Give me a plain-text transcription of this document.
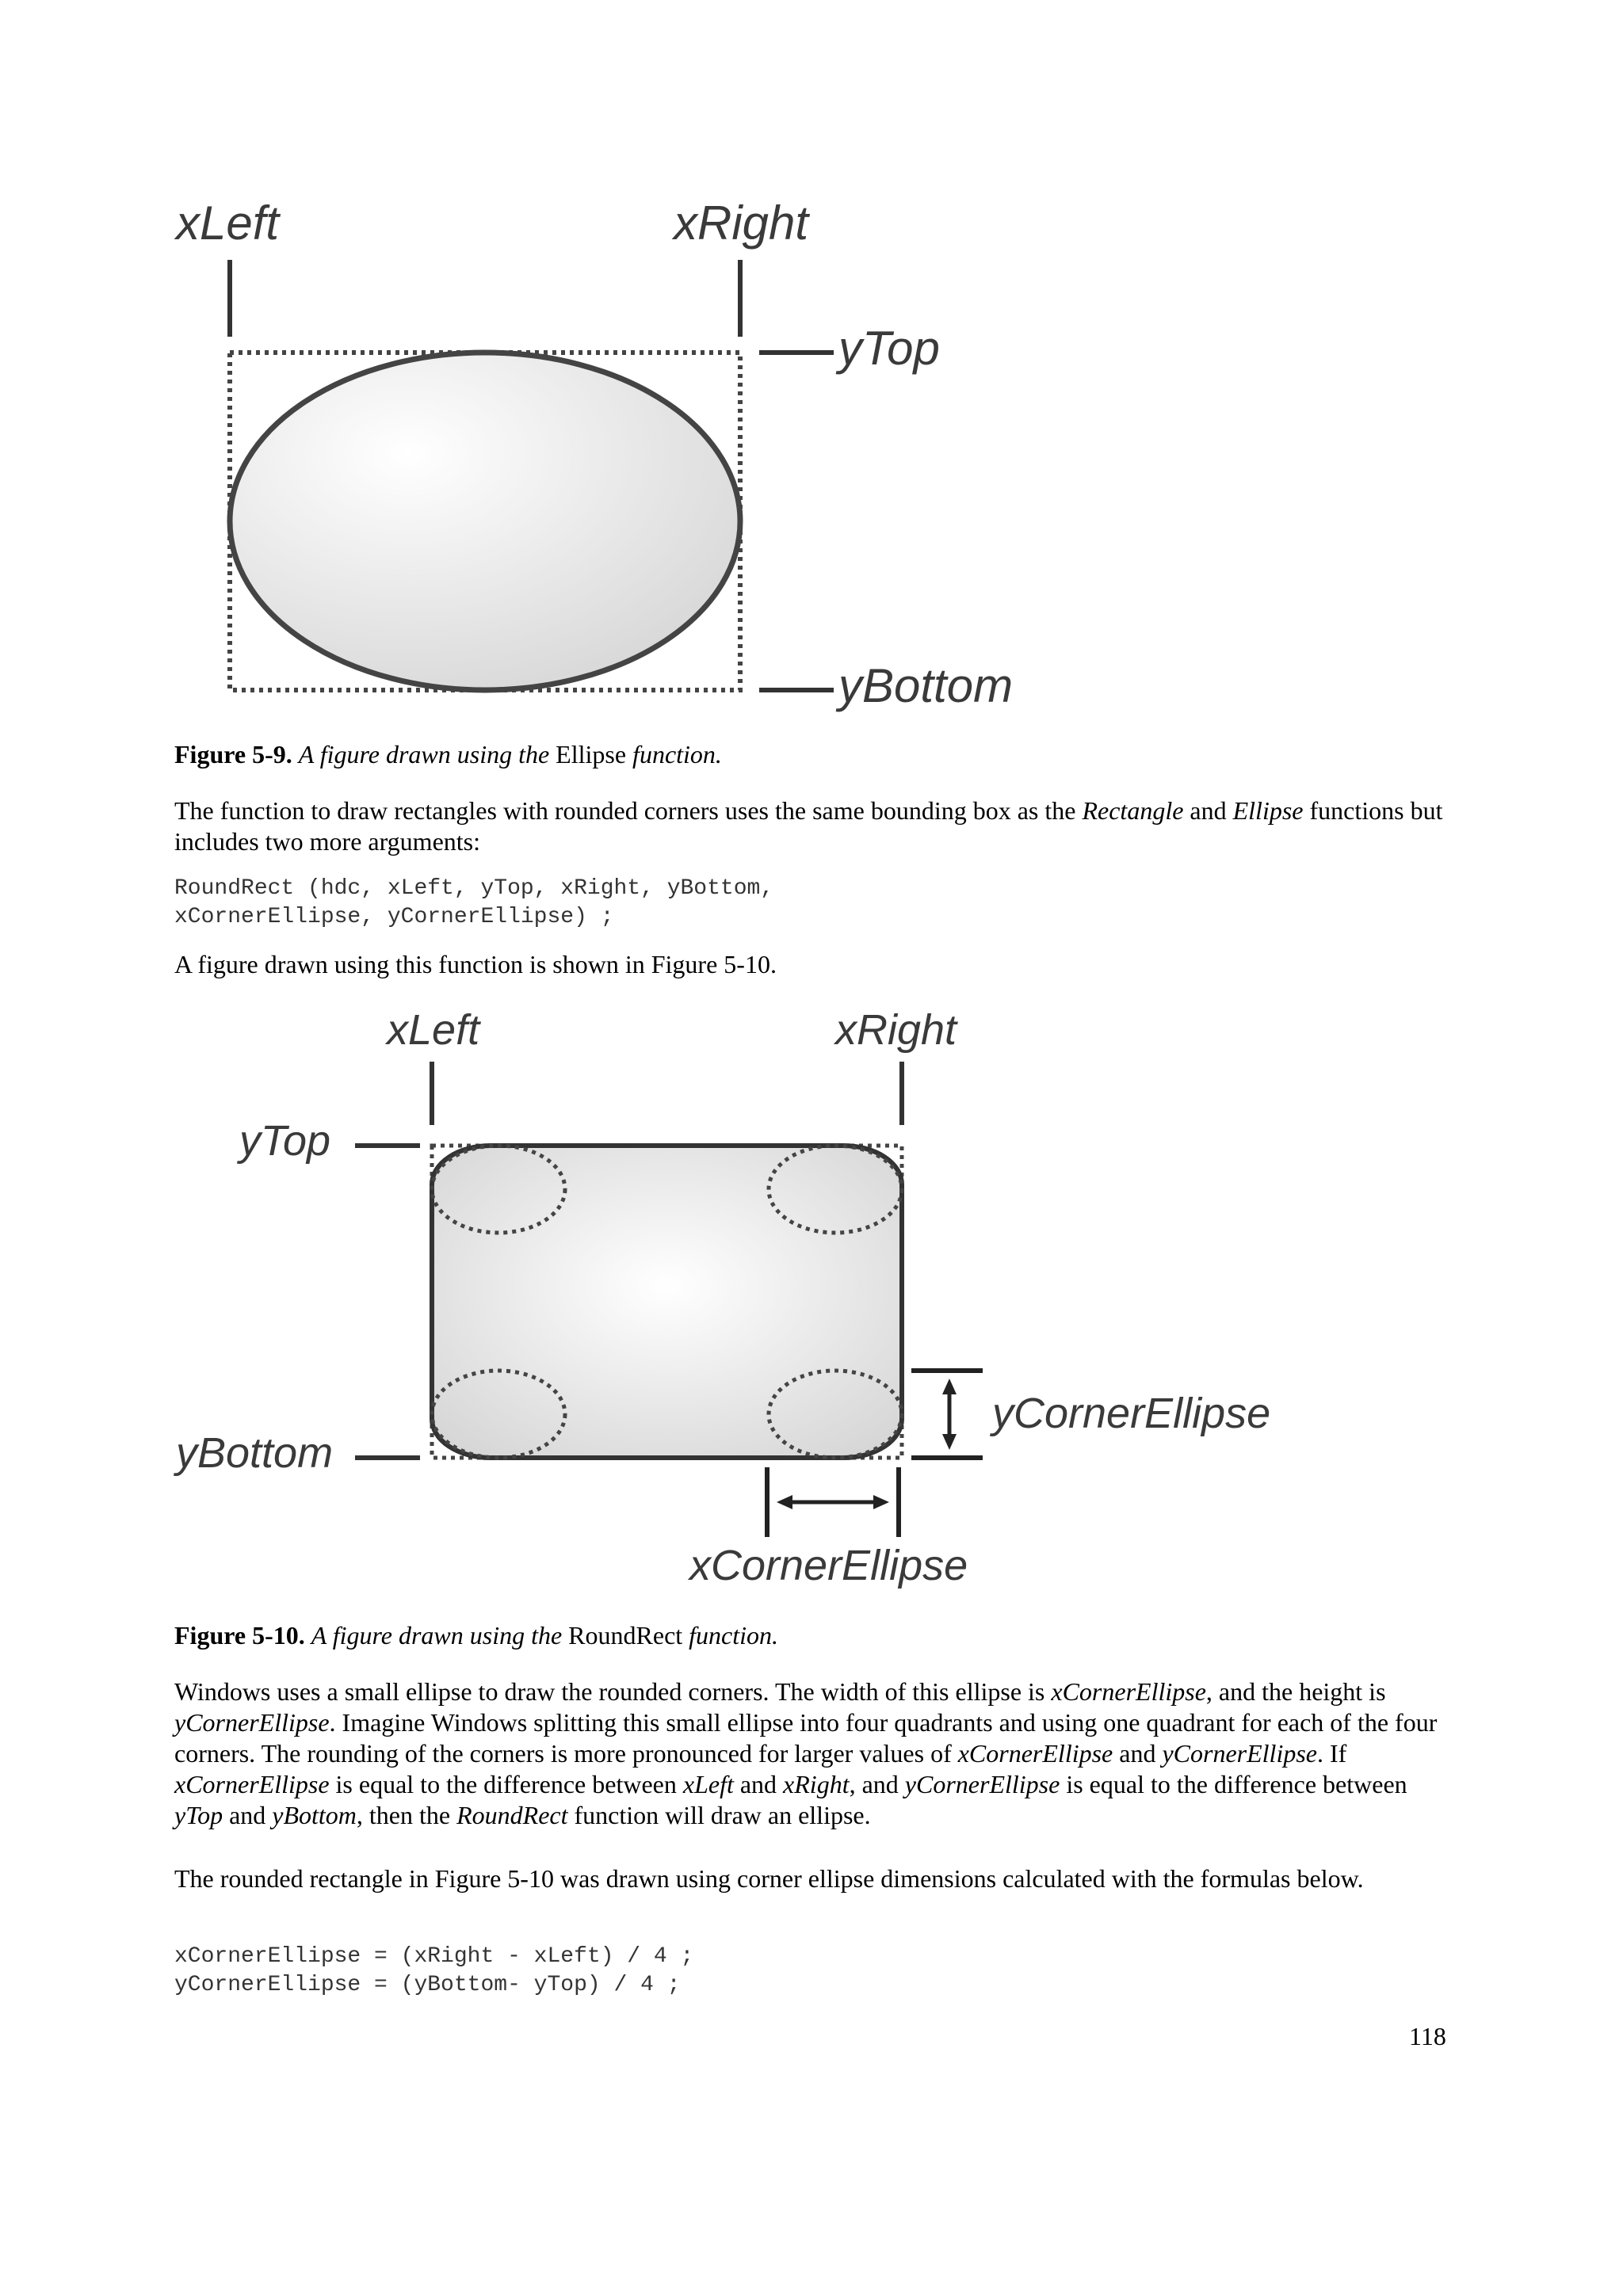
xLeft	xRight
yTop
yBottom
Figure 5-9. A figure drawn using the Ellipse function.

The function to draw rectangles with rounded corners uses the same bounding box as the Rectangle and Ellipse functions but includes two more arguments:

RoundRect (hdc, xLeft, yTop, xRight, yBottom,
xCornerEllipse, yCornerEllipse) ;

A figure drawn using this function is shown in Figure 5-10.

xLeft	xRight
yTop
yBottom
yCornerEllipse
xCornerEllipse
Figure 5-10. A figure drawn using the RoundRect function.

Windows uses a small ellipse to draw the rounded corners. The width of this ellipse is xCornerEllipse, and the height is yCornerEllipse. Imagine Windows splitting this small ellipse into four quadrants and using one quadrant for each of the four corners. The rounding of the corners is more pronounced for larger values of xCornerEllipse and yCornerEllipse. If xCornerEllipse is equal to the difference between xLeft and xRight, and yCornerEllipse is equal to the difference between yTop and yBottom, then the RoundRect function will draw an ellipse.

The rounded rectangle in Figure 5-10 was drawn using corner ellipse dimensions calculated with the formulas below.

xCornerEllipse = (xRight - xLeft) / 4 ;
yCornerEllipse = (yBottom- yTop) / 4 ;
118
